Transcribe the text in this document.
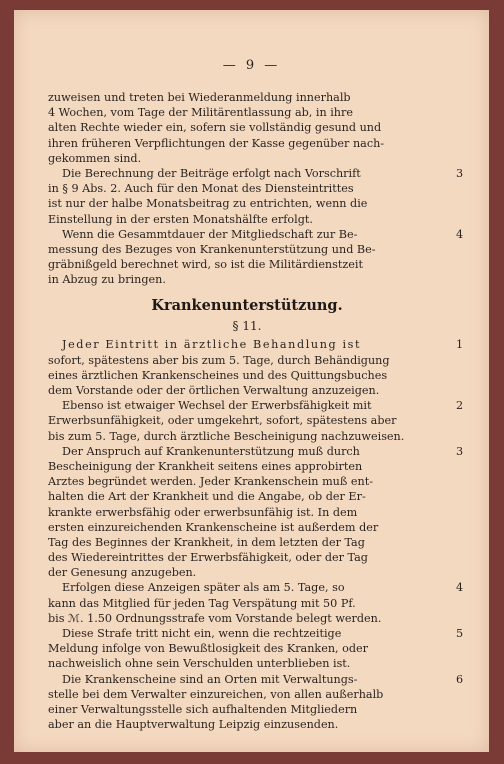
— 9 —
zuweisen und treten bei Wiederanmeldung innerhalb
4 Wochen, vom Tage der Militärentlassung ab, in ihre
alten Rechte wieder ein, sofern sie vollständig gesund und
ihren früheren Verpflichtungen der Kasse gegenüber nach-
gekommen sind.
Die Berechnung der Beiträge erfolgt nach Vorschrift	3
in § 9 Abs. 2. Auch für den Monat des Diensteintrittes
ist nur der halbe Monatsbeitrag zu entrichten, wenn die
Einstellung in der ersten Monatshälfte erfolgt.
Wenn die Gesammtdauer der Mitgliedschaft zur Be-	4
messung des Bezuges von Krankenunterstützung und Be-
gräbnißgeld berechnet wird, so ist die Militärdienstzeit
in Abzug zu bringen.
Krankenunterstützung.
§ 11.
Jeder Eintritt in ärztliche Behandlung ist	1
sofort, spätestens aber bis zum 5. Tage, durch Behändigung
eines ärztlichen Krankenscheines und des Quittungsbuches
dem Vorstande oder der örtlichen Verwaltung anzuzeigen.
Ebenso ist etwaiger Wechsel der Erwerbsfähigkeit mit	2
Erwerbsunfähigkeit, oder umgekehrt, sofort, spätestens aber
bis zum 5. Tage, durch ärztliche Bescheinigung nachzuweisen.
Der Anspruch auf Krankenunterstützung muß durch	3
Bescheinigung der Krankheit seitens eines approbirten
Arztes begründet werden. Jeder Krankenschein muß ent-
halten die Art der Krankheit und die Angabe, ob der Er-
krankte erwerbsfähig oder erwerbsunfähig ist. In dem
ersten einzureichenden Krankenscheine ist außerdem der
Tag des Beginnes der Krankheit, in dem letzten der Tag
des Wiedereintrittes der Erwerbsfähigkeit, oder der Tag
der Genesung anzugeben.
Erfolgen diese Anzeigen später als am 5. Tage, so	4
kann das Mitglied für jeden Tag Verspätung mit 50 Pf.
bis ℳ. 1.50 Ordnungsstrafe vom Vorstande belegt werden.
Diese Strafe tritt nicht ein, wenn die rechtzeitige	5
Meldung infolge von Bewußtlosigkeit des Kranken, oder
nachweislich ohne sein Verschulden unterblieben ist.
Die Krankenscheine sind an Orten mit Verwaltungs-	6
stelle bei dem Verwalter einzureichen, von allen außerhalb
einer Verwaltungsstelle sich aufhaltenden Mitgliedern
aber an die Hauptverwaltung Leipzig einzusenden.
